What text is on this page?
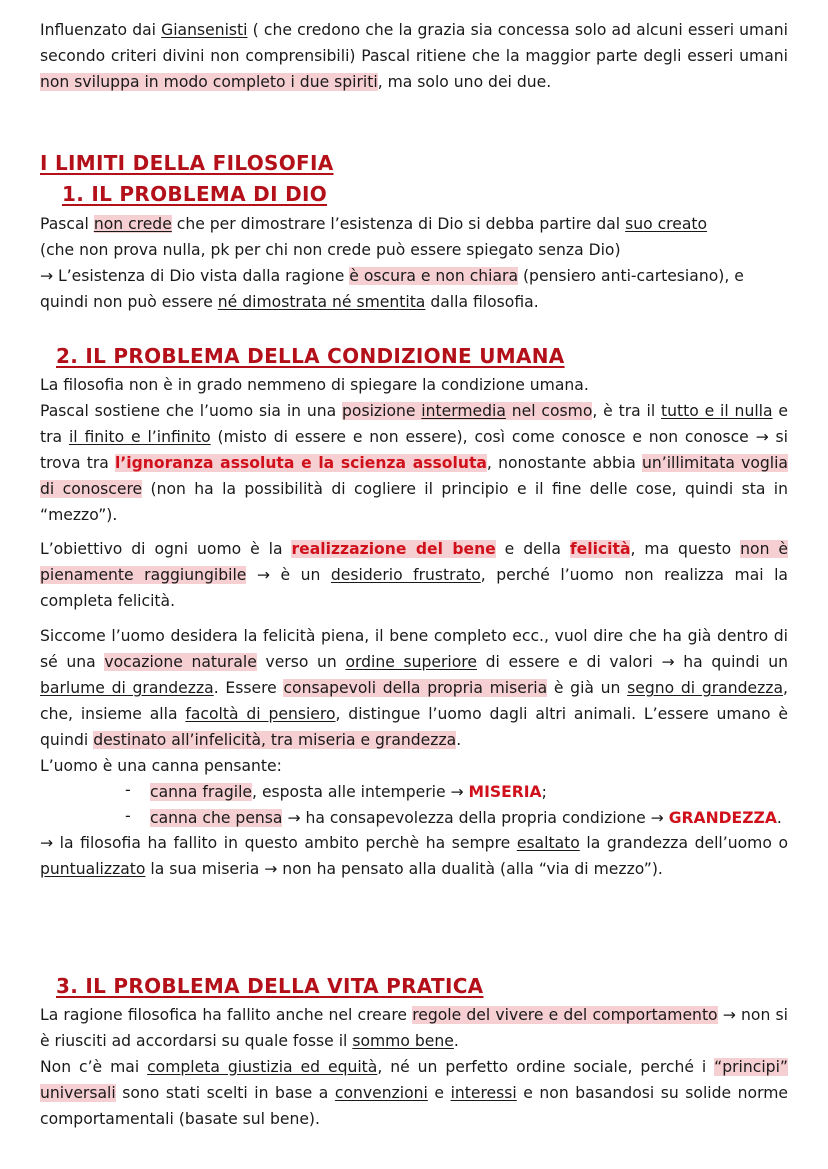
Influenzato dai Giansenisti ( che credono che la grazia sia concessa solo ad alcuni esseri umani secondo criteri divini non comprensibili) Pascal ritiene che la maggior parte degli esseri umani non sviluppa in modo completo i due spiriti, ma solo uno dei due.

I LIMITI DELLA FILOSOFIA
1. IL PROBLEMA DI DIO

Pascal non crede che per dimostrare l’esistenza di Dio si debba partire dal suo creato
(che non prova nulla, pk per chi non crede può essere spiegato senza Dio)
→ L’esistenza di Dio vista dalla ragione è oscura e non chiara (pensiero anti-cartesiano), e quindi non può essere né dimostrata né smentita dalla filosofia.

2. IL PROBLEMA DELLA CONDIZIONE UMANA

La filosofia non è in grado nemmeno di spiegare la condizione umana.

Pascal sostiene che l’uomo sia in una posizione intermedia nel cosmo, è tra il tutto e il nulla e tra il finito e l’infinito (misto di essere e non essere), così come conosce e non conosce → si trova tra l’ignoranza assoluta e la scienza assoluta, nonostante abbia un’illimitata voglia di conoscere (non ha la possibilità di cogliere il principio e il fine delle cose, quindi sta in “mezzo”).

L’obiettivo di ogni uomo è la realizzazione del bene e della felicità, ma questo non è pienamente raggiungibile → è un desiderio frustrato, perché l’uomo non realizza mai la completa felicità.

Siccome l’uomo desidera la felicità piena, il bene completo ecc., vuol dire che ha già dentro di sé una vocazione naturale verso un ordine superiore di essere e di valori → ha quindi un barlume di grandezza. Essere consapevoli della propria miseria è già un segno di grandezza, che, insieme alla facoltà di pensiero, distingue l’uomo dagli altri animali. L’essere umano è quindi destinato all’infelicità, tra miseria e grandezza.

L’uomo è una canna pensante:

- canna fragile, esposta alle intemperie → MISERIA;

- canna che pensa → ha consapevolezza della propria condizione → GRANDEZZA.

→ la filosofia ha fallito in questo ambito perchè ha sempre esaltato la grandezza dell’uomo o puntualizzato la sua miseria → non ha pensato alla dualità (alla “via di mezzo”).

3. IL PROBLEMA DELLA VITA PRATICA

La ragione filosofica ha fallito anche nel creare regole del vivere e del comportamento → non si è riusciti ad accordarsi su quale fosse il sommo bene.

Non c’è mai completa giustizia ed equità, né un perfetto ordine sociale, perché i “principi” universali sono stati scelti in base a convenzioni e interessi e non basandosi su solide norme comportamentali (basate sul bene).
